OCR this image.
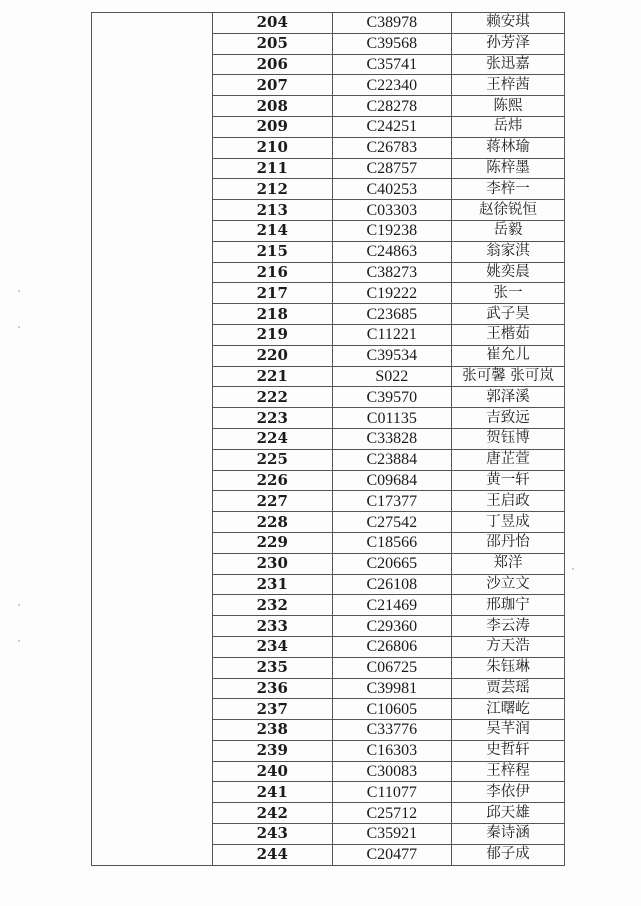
204	C38978	赖安琪
205	C39568	孙芳泽
206	C35741	张迅嘉
207	C22340	王梓茜
208	C28278	陈熙
209	C24251	岳炜
210	C26783	蒋林瑜
211	C28757	陈梓墨
212	C40253	李梓一
213	C03303	赵徐锐恒
214	C19238	岳毅
215	C24863	翁家淇
216	C38273	姚奕晨
217	C19222	张一
218	C23685	武子昊
219	C11221	王楷茹
220	C39534	崔允儿
221	S022	张可馨 张可岚
222	C39570	郭泽溪
223	C01135	吉致远
224	C33828	贺钰博
225	C23884	唐芷萱
226	C09684	黄一轩
227	C17377	王启政
228	C27542	丁昱成
229	C18566	邵丹怡
230	C20665	郑洋
231	C26108	沙立文
232	C21469	邢珈宁
233	C29360	李云涛
234	C26806	方天浩
235	C06725	朱钰琳
236	C39981	贾芸瑶
237	C10605	江曙屹
238	C33776	吴芊润
239	C16303	史哲轩
240	C30083	王梓程
241	C11077	李依伊
242	C25712	邱天雄
243	C35921	秦诗涵
244	C20477	郁子成
